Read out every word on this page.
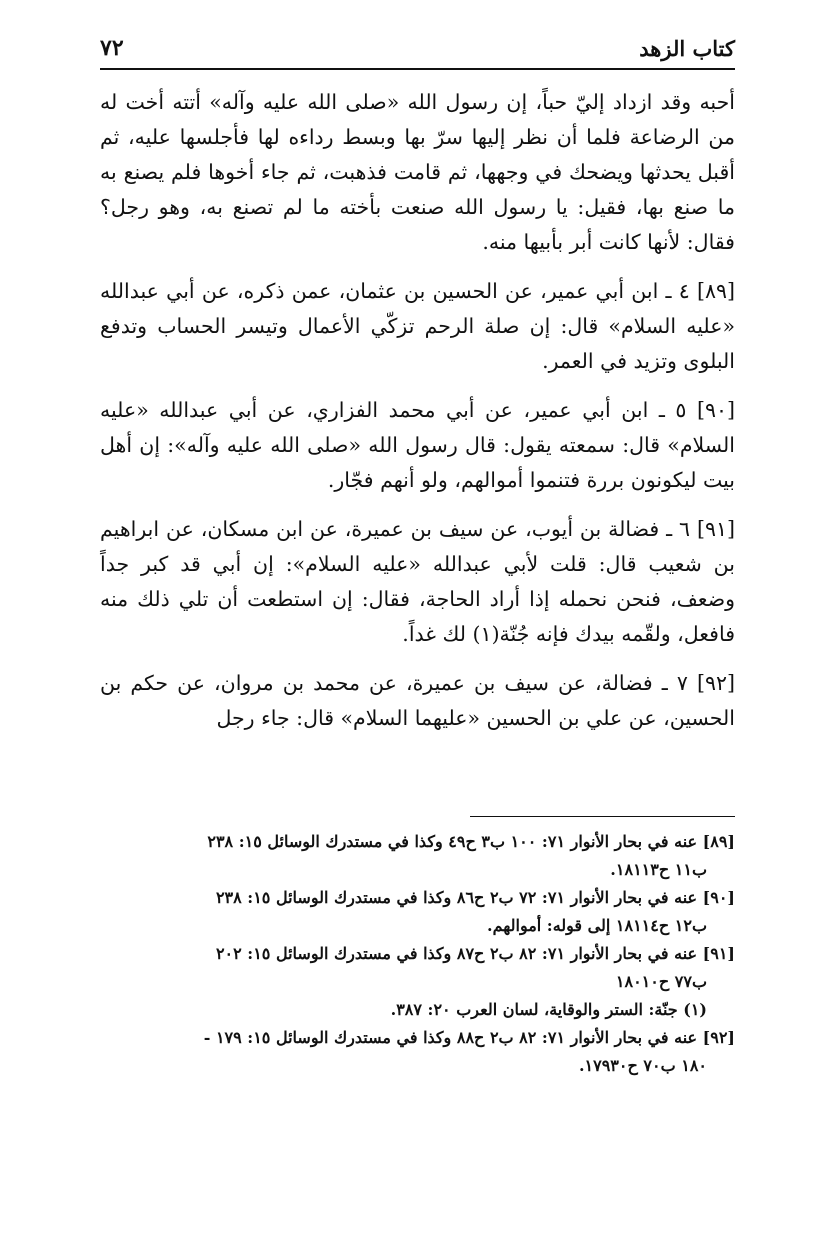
كتاب الزهد
٧٢

أحبه وقد ازداد إليّ حباً، إن رسول الله «صلى الله عليه وآله» أتته أخت له من الرضاعة فلما أن نظر إليها سرّ بها وبسط رداءه لها فأجلسها عليه، ثم أقبل يحدثها ويضحك في وجهها، ثم قامت فذهبت، ثم جاء أخوها فلم يصنع به ما صنع بها، فقيل: يا رسول الله صنعت بأخته ما لم تصنع به، وهو رجل؟ فقال: لأنها كانت أبر بأبيها منه.

[٨٩] ٤ ـ ابن أبي عمير، عن الحسين بن عثمان، عمن ذكره، عن أبي عبدالله «عليه السلام» قال: إن صلة الرحم تزكّي الأعمال وتيسر الحساب وتدفع البلوى وتزيد في العمر.

[٩٠] ٥ ـ ابن أبي عمير، عن أبي محمد الفزاري، عن أبي عبدالله «عليه السلام» قال: سمعته يقول: قال رسول الله «صلى الله عليه وآله»: إن أهل بيت ليكونون بررة فتنموا أموالهم، ولو أنهم فجّار.

[٩١] ٦ ـ فضالة بن أيوب، عن سيف بن عميرة، عن ابن مسكان، عن ابراهيم بن شعيب قال: قلت لأبي عبدالله «عليه السلام»: إن أبي قد كبر جداً وضعف، فنحن نحمله إذا أراد الحاجة، فقال: إن استطعت أن تلي ذلك منه فافعل، ولقّمه بيدك فإنه جُنّة(١) لك غداً.

[٩٢] ٧ ـ فضالة، عن سيف بن عميرة، عن محمد بن مروان، عن حكم بن الحسين، عن علي بن الحسين «عليهما السلام» قال: جاء رجل

[٨٩] عنه في بحار الأنوار ٧١: ١٠٠ ب٣ ح٤٩ وكذا في مستدرك الوسائل ١٥: ٢٣٨
ب١١ ح١٨١١٣.
[٩٠] عنه في بحار الأنوار ٧١: ٧٢ ب٢ ح٨٦ وكذا في مستدرك الوسائل ١٥: ٢٣٨
ب١٢ ح١٨١١٤ إلى قوله: أموالهم.
[٩١] عنه في بحار الأنوار ٧١: ٨٢ ب٢ ح٨٧ وكذا في مستدرك الوسائل ١٥: ٢٠٢
ب٧٧ ح١٨٠١٠
(١) جنّة: الستر والوقاية، لسان العرب ٢٠: ٣٨٧.
[٩٢] عنه في بحار الأنوار ٧١: ٨٢ ب٢ ح٨٨ وكذا في مستدرك الوسائل ١٥: ١٧٩ -
١٨٠ ب٧٠ ح١٧٩٣٠.
